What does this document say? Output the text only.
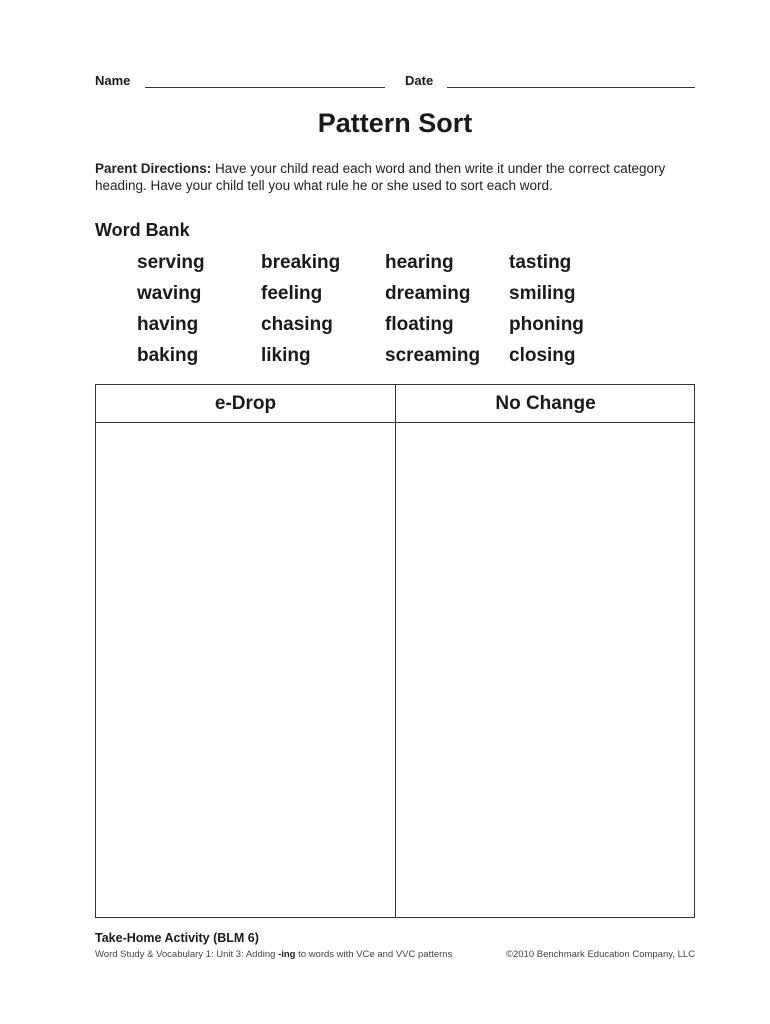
Name	Date
Pattern Sort
Parent Directions: Have your child read each word and then write it under the correct category heading. Have your child tell you what rule he or she used to sort each word.
Word Bank
serving	breaking	hearing	tasting
waving	feeling	dreaming	smiling
having	chasing	floating	phoning
baking	liking	screaming	closing
e-Drop	No Change
Take-Home Activity (BLM 6)
Word Study & Vocabulary 1: Unit 3: Adding -ing to words with VCe and VVC patterns	©2010 Benchmark Education Company, LLC
